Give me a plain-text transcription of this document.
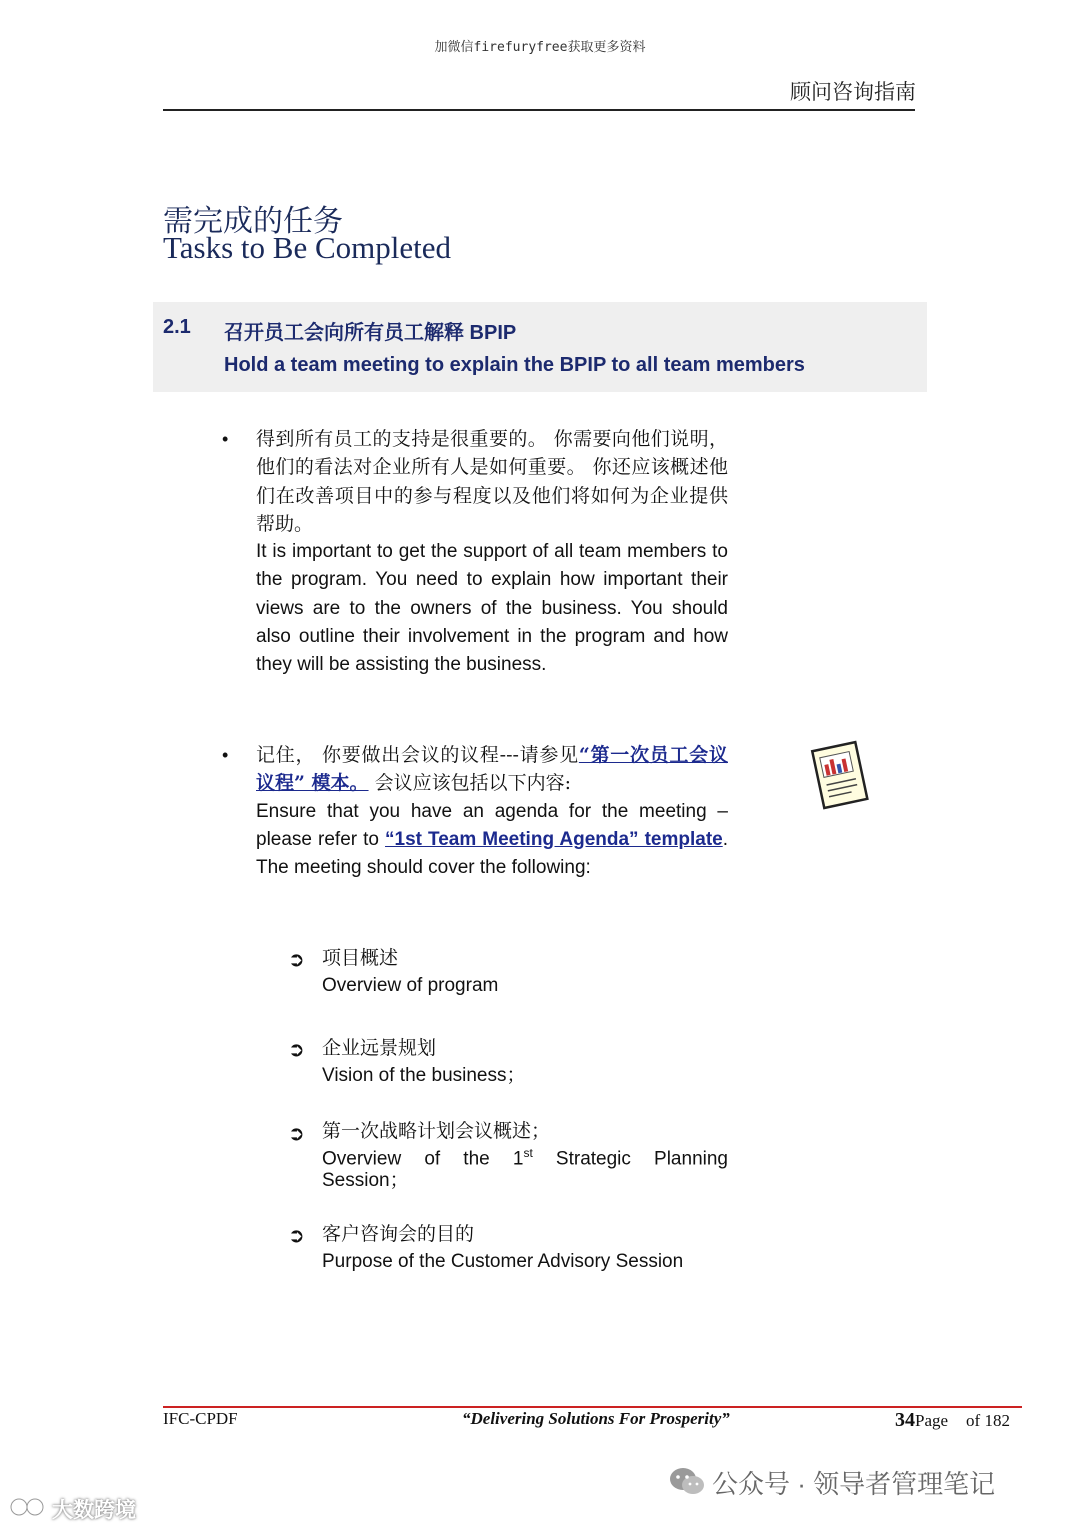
加微信firefuryfree获取更多资料
顾问咨询指南
需完成的任务
Tasks to Be Completed
2.1 召开员工会向所有员工解释 BPIP
Hold a team meeting to explain the BPIP to all team members
• 得到所有员工的支持是很重要的。 你需要向他们说明，他们的看法对企业所有人是如何重要。 你还应该概述他们在改善项目中的参与程度以及他们将如何为企业提供帮助。
It is important to get the support of all team members to the program. You need to explain how important their views are to the owners of the business. You should also outline their involvement in the program and how they will be assisting the business.
• 记住， 你要做出会议的议程---请参见“第一次员工会议议程” 模本。 会议应该包括以下内容:
Ensure that you have an agenda for the meeting – please refer to “1st Team Meeting Agenda” template. The meeting should cover the following:
➲ 项目概述
Overview of program
➲ 企业远景规划
Vision of the business；
➲ 第一次战略计划会议概述；
Overview of the 1st Strategic Planning Session；
➲ 客户咨询会的目的
Purpose of the Customer Advisory Session
IFC-CPDF	“Delivering Solutions For Prosperity”	34Page of 182
公众号 · 领导者管理笔记
大数跨境
